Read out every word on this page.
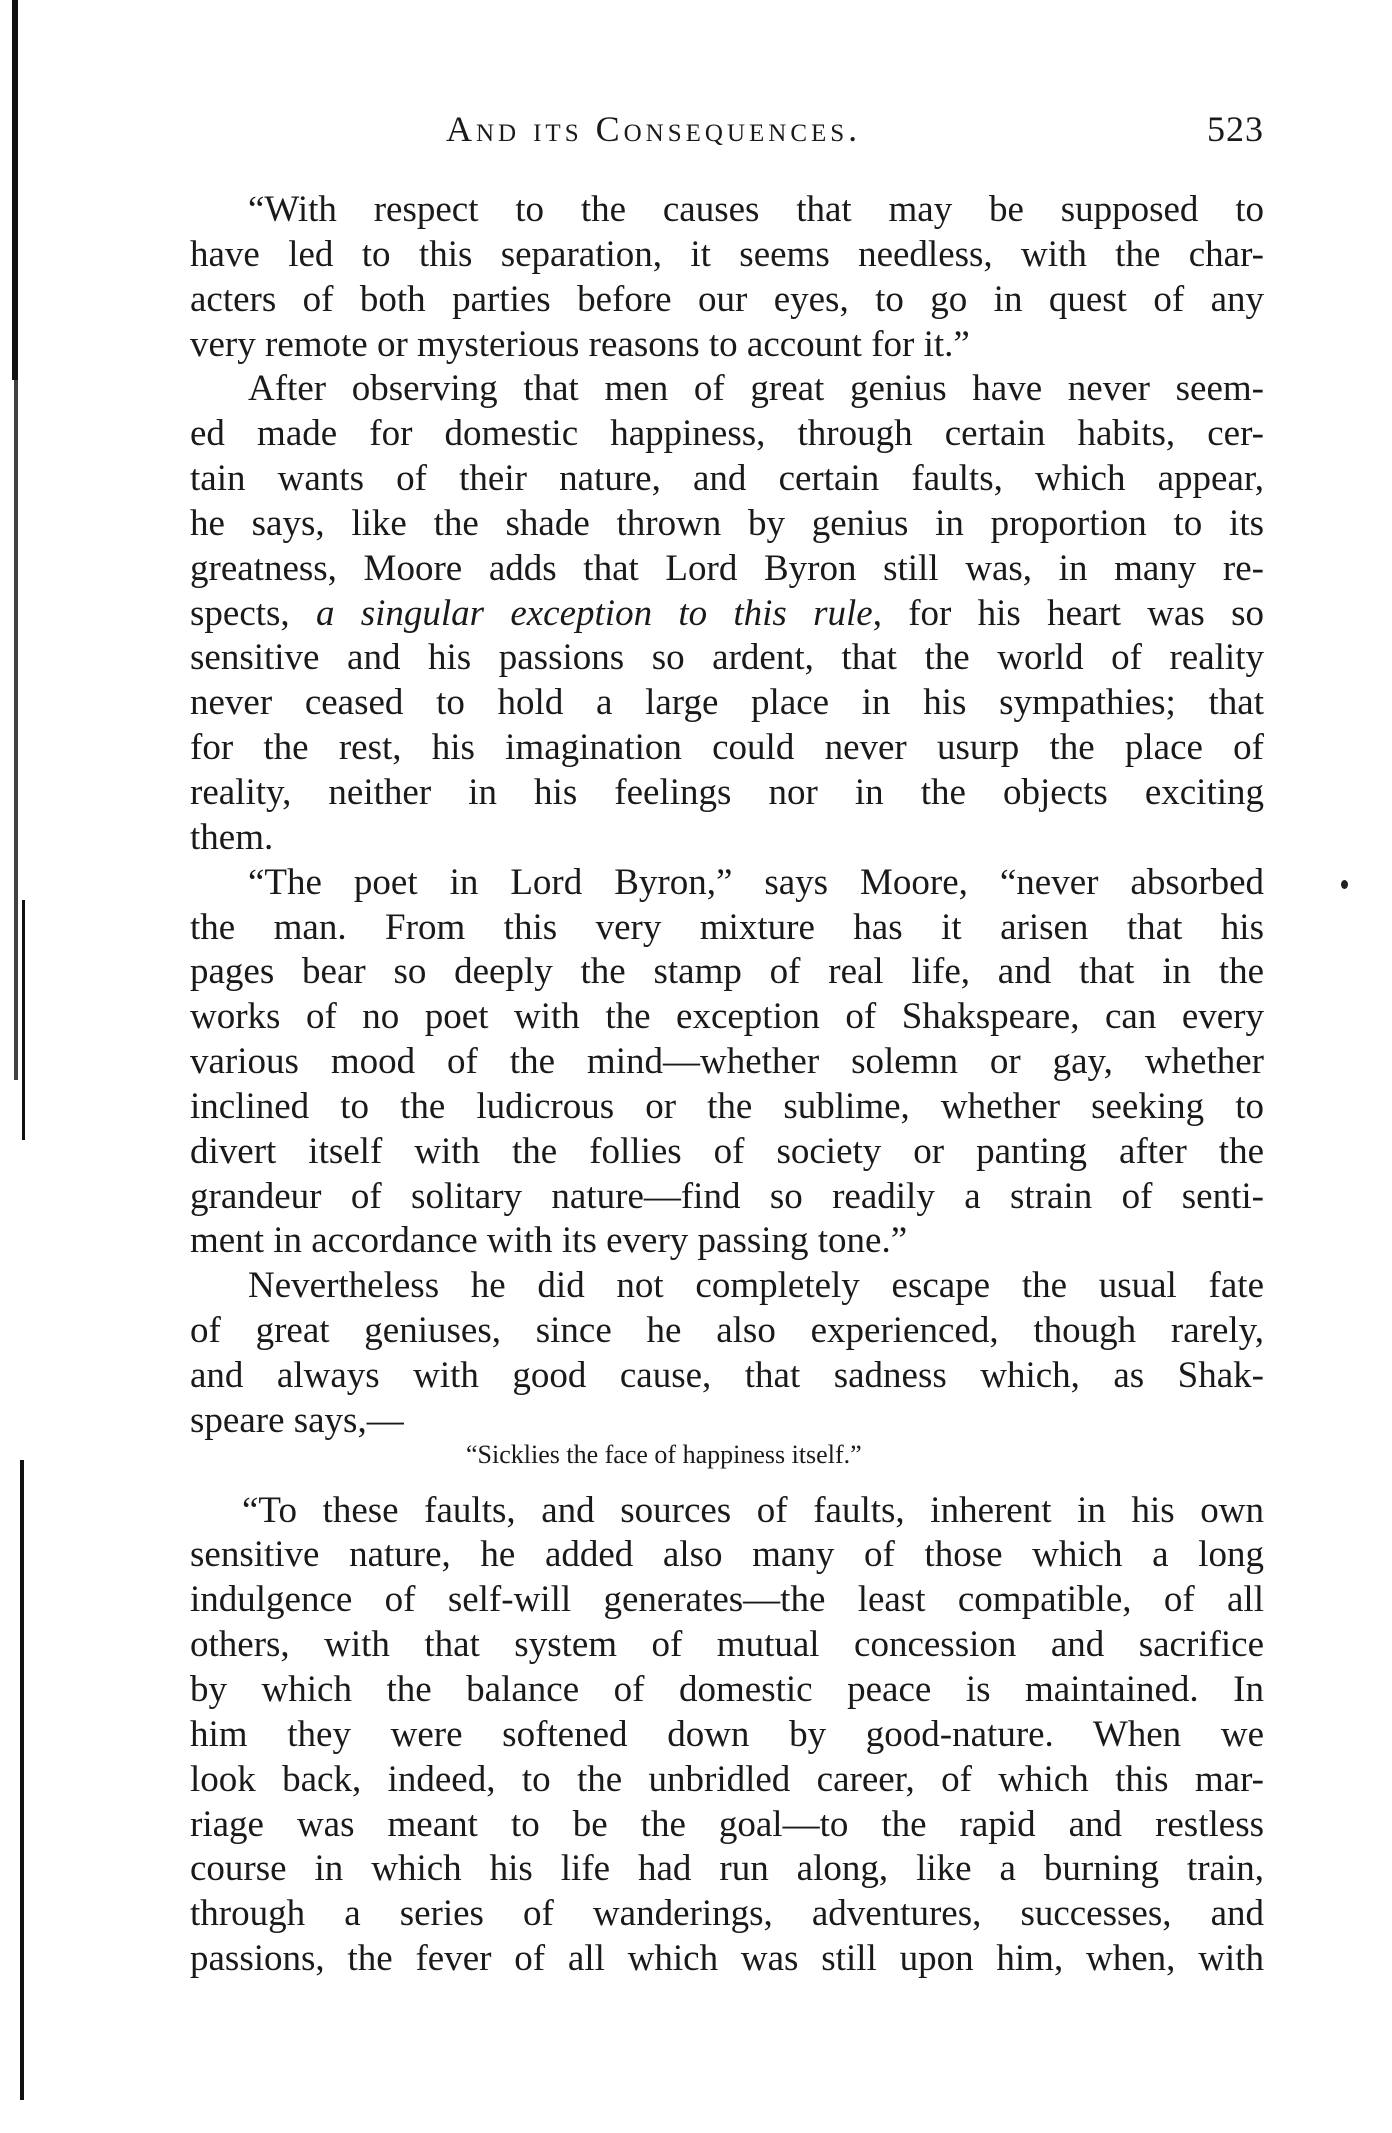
And its Consequences.	523
“With respect to the causes that may be supposed to
have led to this separation, it seems needless, with the char-
acters of both parties before our eyes, to go in quest of any
very remote or mysterious reasons to account for it.”
After observing that men of great genius have never seem-
ed made for domestic happiness, through certain habits, cer-
tain wants of their nature, and certain faults, which appear,
he says, like the shade thrown by genius in proportion to its
greatness, Moore adds that Lord Byron still was, in many re-
spects, a singular exception to this rule, for his heart was so
sensitive and his passions so ardent, that the world of reality
never ceased to hold a large place in his sympathies; that
for the rest, his imagination could never usurp the place of
reality, neither in his feelings nor in the objects exciting
them.
“The poet in Lord Byron,” says Moore, “never absorbed
the man. From this very mixture has it arisen that his
pages bear so deeply the stamp of real life, and that in the
works of no poet with the exception of Shakspeare, can every
various mood of the mind—whether solemn or gay, whether
inclined to the ludicrous or the sublime, whether seeking to
divert itself with the follies of society or panting after the
grandeur of solitary nature—find so readily a strain of senti-
ment in accordance with its every passing tone.”
Nevertheless he did not completely escape the usual fate
of great geniuses, since he also experienced, though rarely,
and always with good cause, that sadness which, as Shak-
speare says,—
“Sicklies the face of happiness itself.”
“To these faults, and sources of faults, inherent in his own
sensitive nature, he added also many of those which a long
indulgence of self-will generates—the least compatible, of all
others, with that system of mutual concession and sacrifice
by which the balance of domestic peace is maintained. In
him they were softened down by good-nature. When we
look back, indeed, to the unbridled career, of which this mar-
riage was meant to be the goal—to the rapid and restless
course in which his life had run along, like a burning train,
through a series of wanderings, adventures, successes, and
passions, the fever of all which was still upon him, when, with
